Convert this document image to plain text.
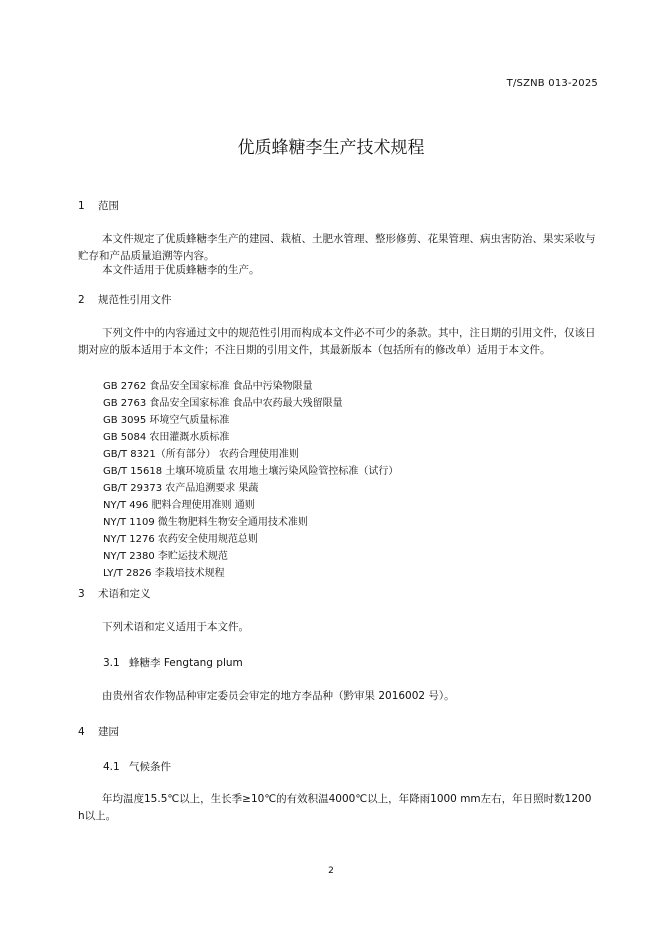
T/SZNB 013-2025
优质蜂糖李生产技术规程
1 范围
本文件规定了优质蜂糖李生产的建园、栽植、土肥水管理、整形修剪、花果管理、病虫害防治、果实采收与贮存和产品质量追溯等内容。
本文件适用于优质蜂糖李的生产。
2 规范性引用文件
下列文件中的内容通过文中的规范性引用而构成本文件必不可少的条款。其中，注日期的引用文件，仅该日期对应的版本适用于本文件；不注日期的引用文件，其最新版本（包括所有的修改单）适用于本文件。
GB 2762 食品安全国家标准 食品中污染物限量
GB 2763 食品安全国家标准 食品中农药最大残留限量
GB 3095 环境空气质量标准
GB 5084 农田灌溉水质标准
GB/T 8321（所有部分） 农药合理使用准则
GB/T 15618 土壤环境质量 农用地土壤污染风险管控标准（试行）
GB/T 29373 农产品追溯要求 果蔬
NY/T 496 肥料合理使用准则 通则
NY/T 1109 微生物肥料生物安全通用技术准则
NY/T 1276 农药安全使用规范总则
NY/T 2380 李贮运技术规范
LY/T 2826 李栽培技术规程
3 术语和定义
下列术语和定义适用于本文件。
3.1 蜂糖李 Fengtang plum
由贵州省农作物品种审定委员会审定的地方李品种（黔审果 2016002 号）。
4 建园
4.1 气候条件
年均温度15.5℃以上，生长季≥10℃的有效积温4000℃以上，年降雨1000 mm左右，年日照时数1200 h以上。
2
